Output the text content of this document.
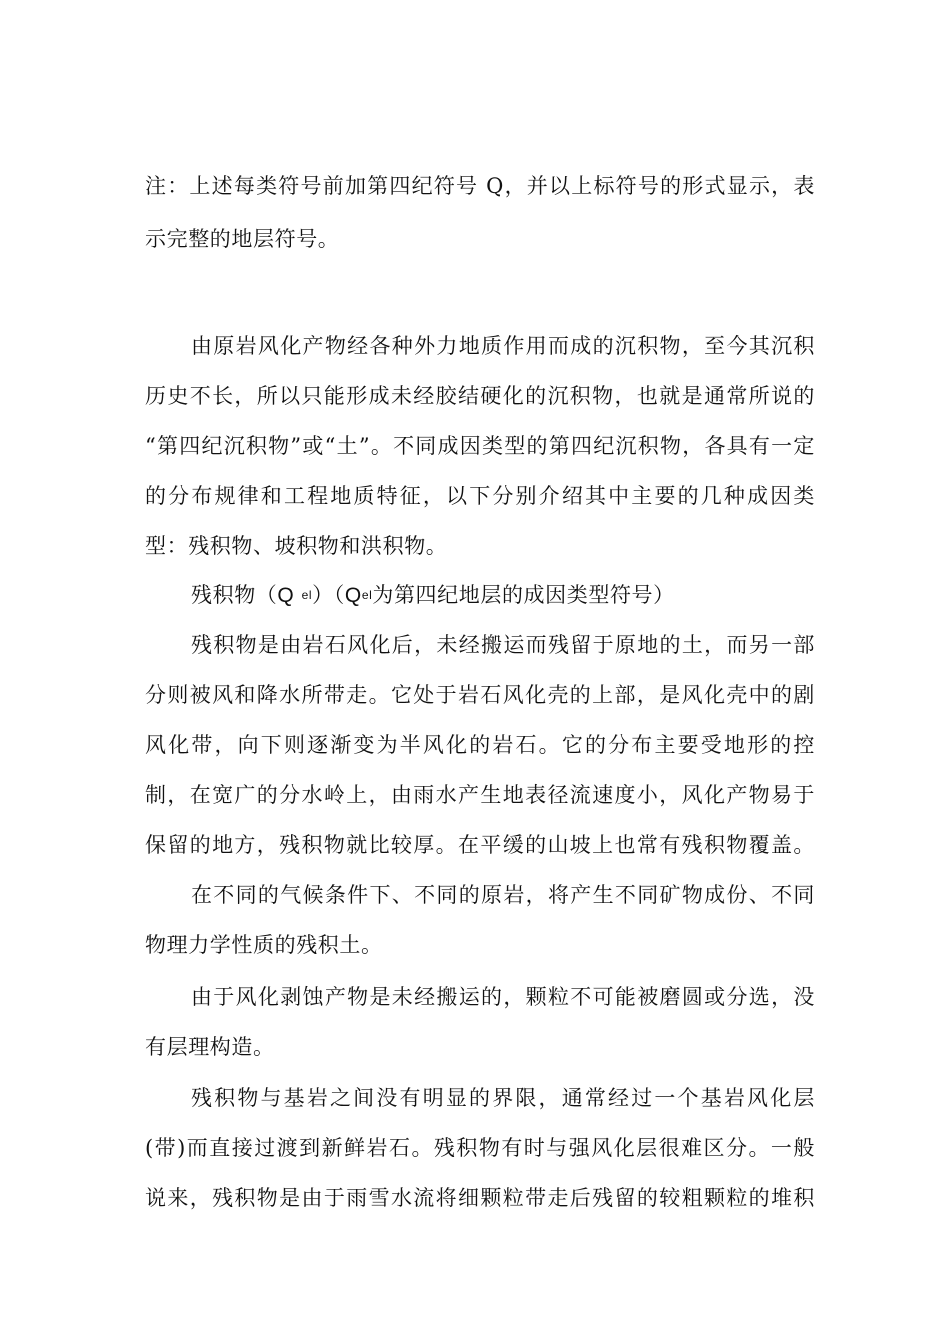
注：上述每类符号前加第四纪符号 Q，并以上标符号的形式显示，表
示完整的地层符号。
由原岩风化产物经各种外力地质作用而成的沉积物，至今其沉积
历史不长，所以只能形成未经胶结硬化的沉积物，也就是通常所说的
“第四纪沉积物”或“土”。不同成因类型的第四纪沉积物，各具有一定
的分布规律和工程地质特征，以下分别介绍其中主要的几种成因类
型：残积物、坡积物和洪积物。
残积物（Q el）（Qel为第四纪地层的成因类型符号）
残积物是由岩石风化后，未经搬运而残留于原地的土，而另一部
分则被风和降水所带走。它处于岩石风化壳的上部，是风化壳中的剧
风化带，向下则逐渐变为半风化的岩石。它的分布主要受地形的控
制，在宽广的分水岭上，由雨水产生地表径流速度小，风化产物易于
保留的地方，残积物就比较厚。在平缓的山坡上也常有残积物覆盖。
在不同的气候条件下、不同的原岩，将产生不同矿物成份、不同
物理力学性质的残积土。
由于风化剥蚀产物是未经搬运的，颗粒不可能被磨圆或分选，没
有层理构造。
残积物与基岩之间没有明显的界限，通常经过一个基岩风化层
(带)而直接过渡到新鲜岩石。残积物有时与强风化层很难区分。一般
说来，残积物是由于雨雪水流将细颗粒带走后残留的较粗颗粒的堆积
